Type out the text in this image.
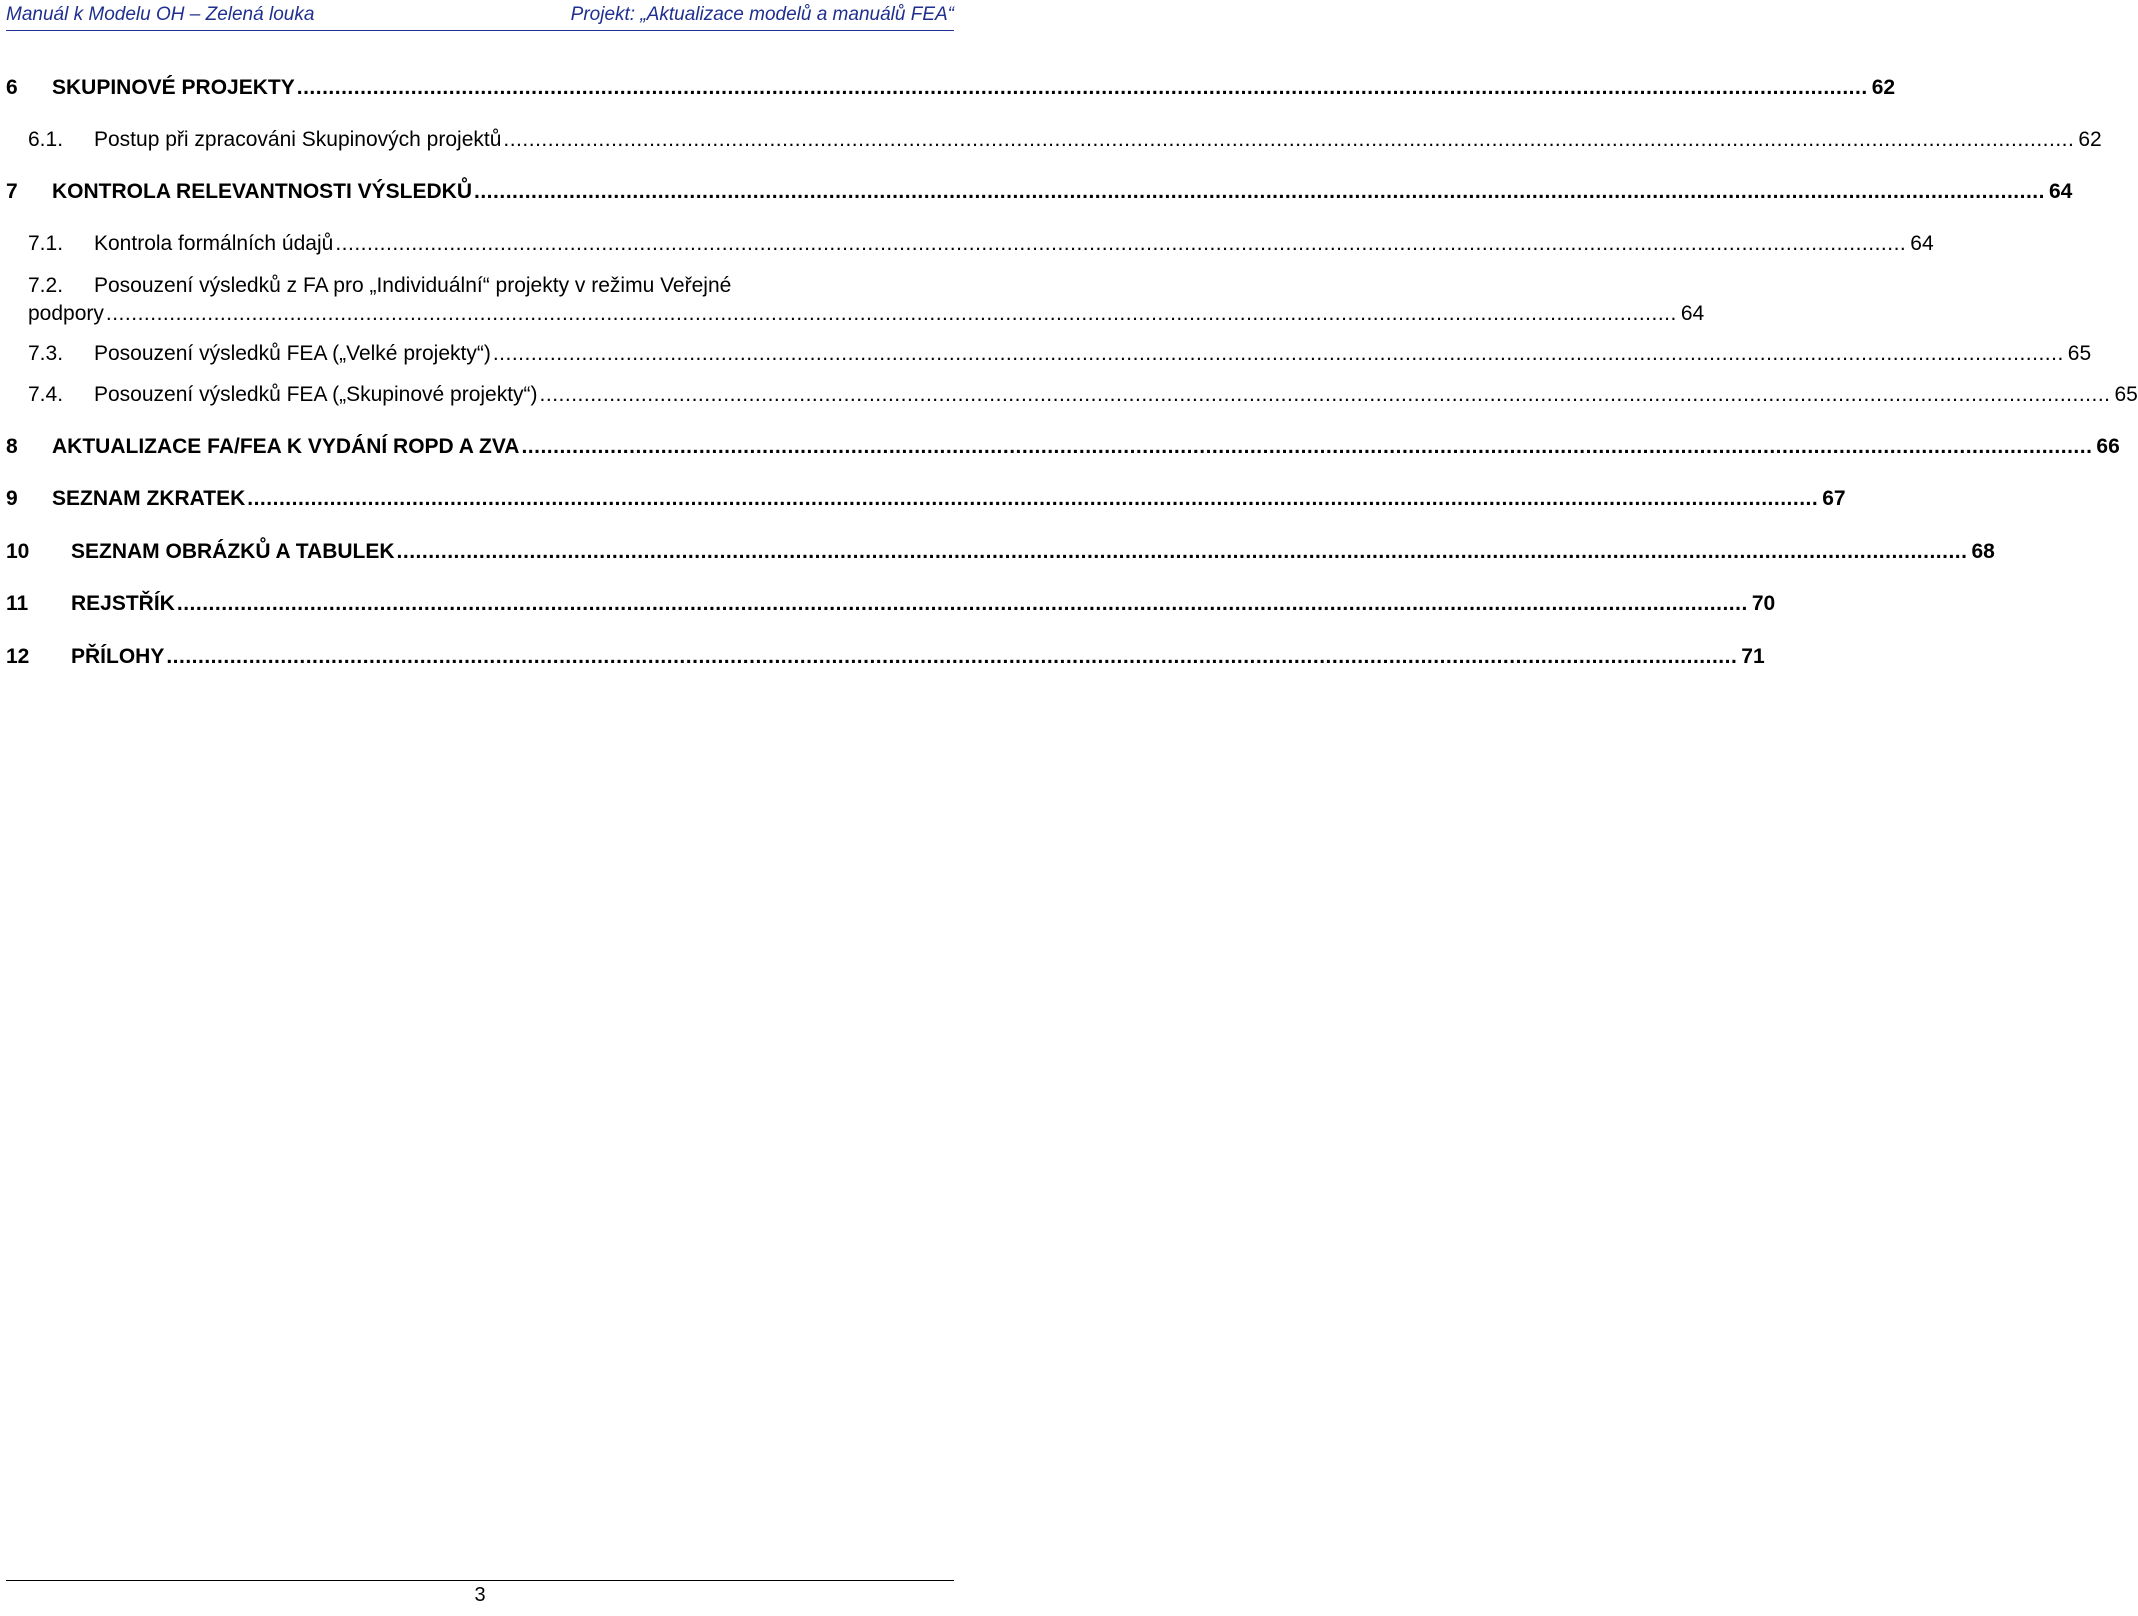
Manuál k Modelu OH – Zelená louka	Projekt: „Aktualizace modelů a manuálů FEA“
6	SKUPINOVÉ PROJEKTY .....	62
6.1.	Postup při zpracováni Skupinových projektů .....	62
7	KONTROLA RELEVANTNOSTI VÝSLEDKŮ .....	64
7.1.	Kontrola formálních údajů .....	64
7.2. Posouzení výsledků z FA pro „Individuální“ projekty v režimu Veřejné
podpory .....	64
7.3.	Posouzení výsledků FEA („Velké projekty“) .....	65
7.4.	Posouzení výsledků FEA („Skupinové projekty“) .....	65
8	AKTUALIZACE FA/FEA K VYDÁNÍ ROPD A ZVA .....	66
9	SEZNAM ZKRATEK .....	67
10	SEZNAM OBRÁZKŮ A TABULEK .....	68
11	REJSTŘÍK .....	70
12	PŘÍLOHY .....	71
3
